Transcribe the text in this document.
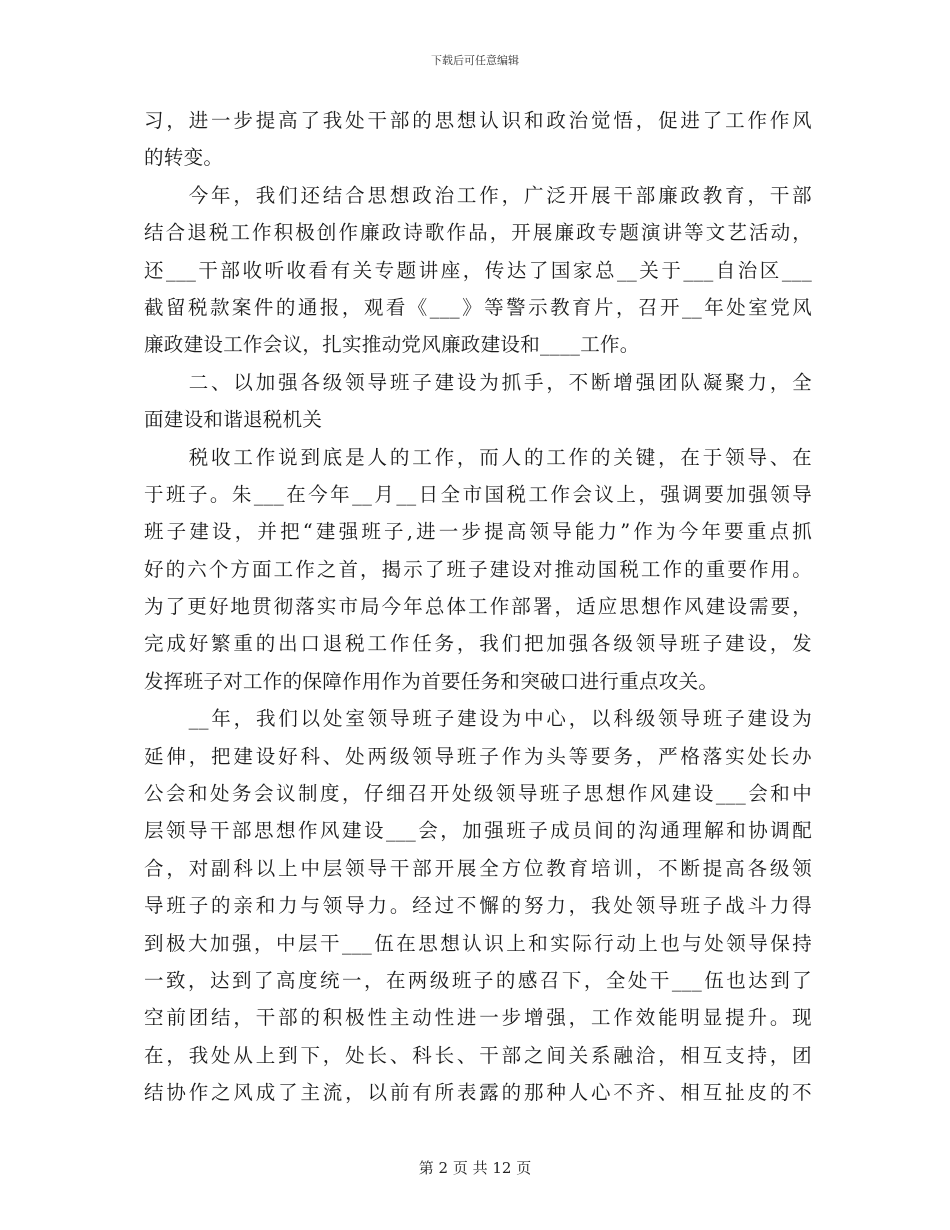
下载后可任意编辑
习，进一步提高了我处干部的思想认识和政治觉悟，促进了工作作风
的转变。
　　今年，我们还结合思想政治工作，广泛开展干部廉政教育，干部
结合退税工作积极创作廉政诗歌作品，开展廉政专题演讲等文艺活动，
还___干部收听收看有关专题讲座，传达了国家总__关于___自治区___
截留税款案件的通报，观看《___》等警示教育片，召开__年处室党风
廉政建设工作会议，扎实推动党风廉政建设和____工作。
　　二、以加强各级领导班子建设为抓手，不断增强团队凝聚力，全
面建设和谐退税机关
　　税收工作说到底是人的工作，而人的工作的关键，在于领导、在
于班子。朱___在今年__月__日全市国税工作会议上，强调要加强领导
班子建设，并把“建强班子,进一步提高领导能力”作为今年要重点抓
好的六个方面工作之首，揭示了班子建设对推动国税工作的重要作用。
为了更好地贯彻落实市局今年总体工作部署，适应思想作风建设需要，
完成好繁重的出口退税工作任务，我们把加强各级领导班子建设，发
发挥班子对工作的保障作用作为首要任务和突破口进行重点攻关。
　　__年，我们以处室领导班子建设为中心，以科级领导班子建设为
延伸，把建设好科、处两级领导班子作为头等要务，严格落实处长办
公会和处务会议制度，仔细召开处级领导班子思想作风建设___会和中
层领导干部思想作风建设___会，加强班子成员间的沟通理解和协调配
合，对副科以上中层领导干部开展全方位教育培训，不断提高各级领
导班子的亲和力与领导力。经过不懈的努力，我处领导班子战斗力得
到极大加强，中层干___伍在思想认识上和实际行动上也与处领导保持
一致，达到了高度统一，在两级班子的感召下，全处干___伍也达到了
空前团结，干部的积极性主动性进一步增强，工作效能明显提升。现
在，我处从上到下，处长、科长、干部之间关系融洽，相互支持，团
结协作之风成了主流，以前有所表露的那种人心不齐、相互扯皮的不
第 2 页 共 12 页
